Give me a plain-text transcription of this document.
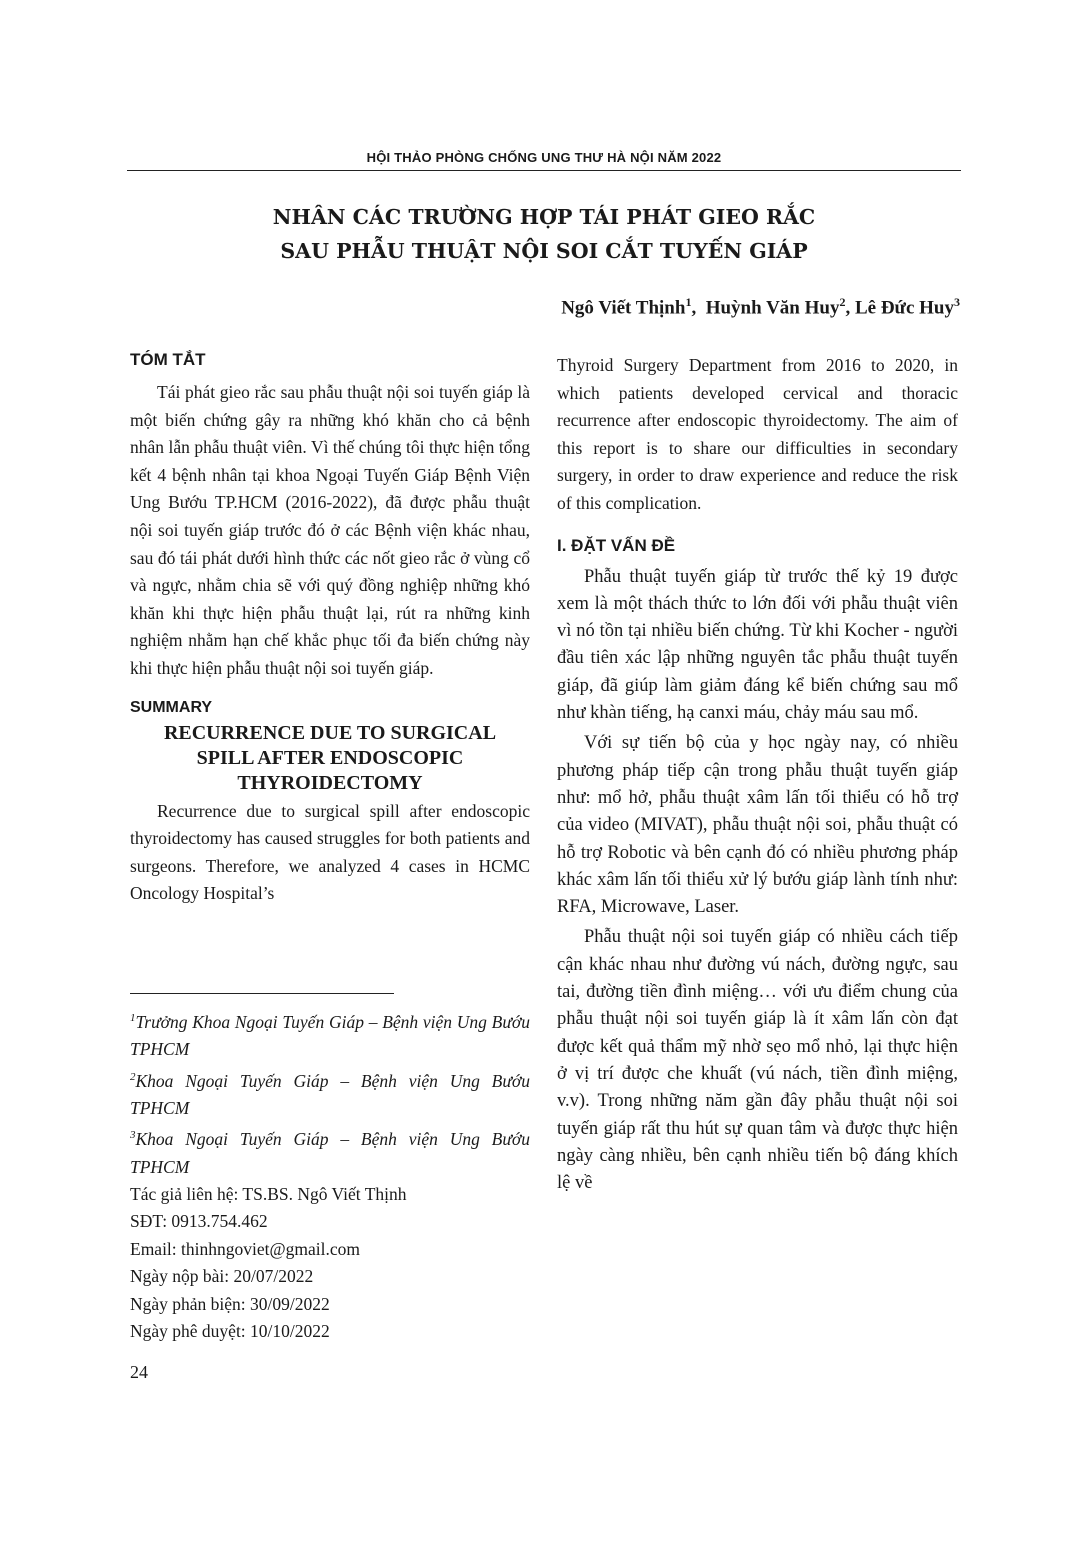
HỘI THẢO PHÒNG CHỐNG UNG THƯ HÀ NỘI NĂM 2022
NHÂN CÁC TRƯỜNG HỢP TÁI PHÁT GIEO RẮC
SAU PHẪU THUẬT NỘI SOI CẮT TUYẾN GIÁP
Ngô Viết Thịnh$^1$,  Huỳnh Văn Huy$^2$, Lê Đức Huy$^3$
TÓM TẮT

Tái phát gieo rắc sau phẫu thuật nội soi tuyến giáp là một biến chứng gây ra những khó khăn cho cả bệnh nhân lẫn phẫu thuật viên. Vì thế chúng tôi thực hiện tổng kết 4 bệnh nhân tại khoa Ngoại Tuyến Giáp Bệnh Viện Ung Bướu TP.HCM (2016-2022), đã được phẫu thuật nội soi tuyến giáp trước đó ở các Bệnh viện khác nhau, sau đó tái phát dưới hình thức các nốt gieo rắc ở vùng cổ và ngực, nhằm chia sẽ với quý đồng nghiệp những khó khăn khi thực hiện phẫu thuật lại, rút ra những kinh nghiệm nhằm hạn chế khắc phục tối đa biến chứng này khi thực hiện phẫu thuật nội soi tuyến giáp.

SUMMARY
RECURRENCE DUE TO SURGICAL
SPILL AFTER ENDOSCOPIC
THYROIDECTOMY

Recurrence due to surgical spill after endoscopic thyroidectomy has caused struggles for both patients and surgeons. Therefore, we analyzed 4 cases in HCMC Oncology Hospital’s

$^1$Trưởng Khoa Ngoại Tuyến Giáp – Bệnh viện Ung Bướu TPHCM
$^2$Khoa Ngoại Tuyến Giáp – Bệnh viện Ung Bướu TPHCM
$^3$Khoa Ngoại Tuyến Giáp – Bệnh viện Ung Bướu TPHCM
Tác giả liên hệ: TS.BS. Ngô Viết Thịnh
SĐT: 0913.754.462
Email: thinhngoviet@gmail.com
Ngày nộp bài: 20/07/2022
Ngày phản biện: 30/09/2022
Ngày phê duyệt: 10/10/2022

Thyroid Surgery Department from 2016 to 2020, in which patients developed cervical and thoracic recurrence after endoscopic thyroidectomy. The aim of this report is to share our difficulties in secondary surgery, in order to draw experience and reduce the risk of this complication.

I. ĐẶT VẤN ĐỀ

Phẫu thuật tuyến giáp từ trước thế kỷ 19 được xem là một thách thức to lớn đối với phẫu thuật viên vì nó tồn tại nhiều biến chứng. Từ khi Kocher - người đầu tiên xác lập những nguyên tắc phẫu thuật tuyến giáp, đã giúp làm giảm đáng kể biến chứng sau mổ như khàn tiếng, hạ canxi máu, chảy máu sau mổ.

Với sự tiến bộ của y học ngày nay, có nhiều phương pháp tiếp cận trong phẫu thuật tuyến giáp như: mổ hở, phẫu thuật xâm lấn tối thiểu có hỗ trợ của video (MIVAT), phẫu thuật nội soi, phẫu thuật có hỗ trợ Robotic và bên cạnh đó có nhiều phương pháp khác xâm lấn tối thiểu xử lý bướu giáp lành tính như: RFA, Microwave, Laser.

Phẫu thuật nội soi tuyến giáp có nhiều cách tiếp cận khác nhau như đường vú nách, đường ngực, sau tai, đường tiền đình miệng… với ưu điểm chung của phẫu thuật nội soi tuyến giáp là ít xâm lấn còn đạt được kết quả thẩm mỹ nhờ sẹo mổ nhỏ, lại thực hiện ở vị trí được che khuất (vú nách, tiền đình miệng, v.v). Trong những năm gần đây phẫu thuật nội soi tuyến giáp rất thu hút sự quan tâm và được thực hiện ngày càng nhiều, bên cạnh nhiều tiến bộ đáng khích lệ về

24
